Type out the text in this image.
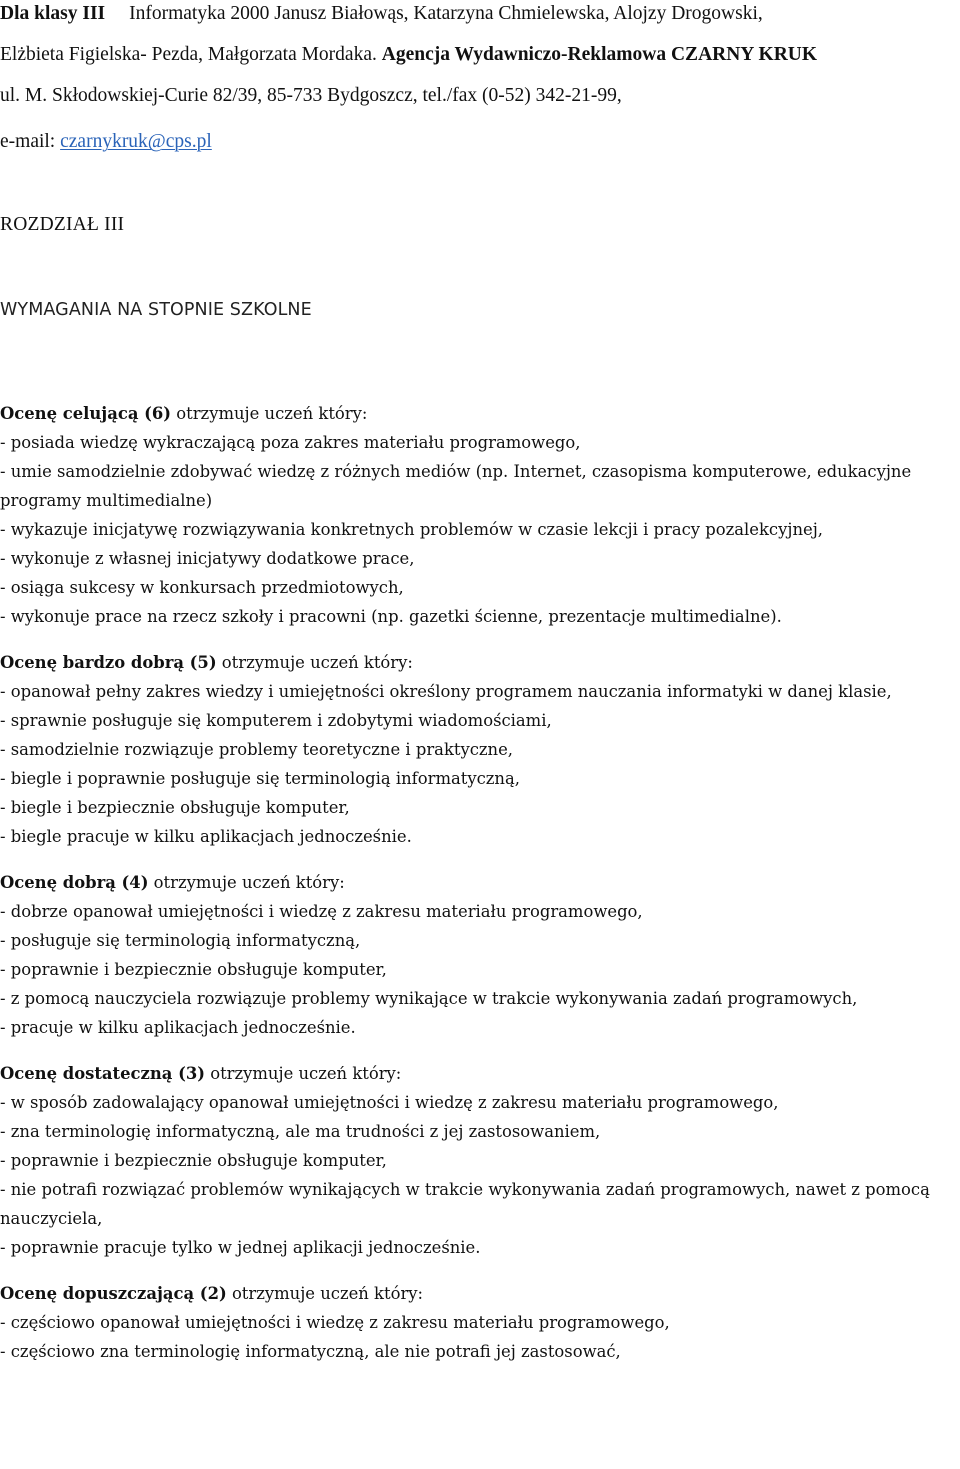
Dla klasy III Informatyka 2000 Janusz Białowąs, Katarzyna Chmielewska, Alojzy Drogowski,
Elżbieta Figielska- Pezda, Małgorzata Mordaka. Agencja Wydawniczo-Reklamowa CZARNY KRUK
ul. M. Skłodowskiej-Curie 82/39, 85-733 Bydgoszcz, tel./fax (0-52) 342-21-99,
e-mail: czarnykruk@cps.pl
ROZDZIAŁ III
WYMAGANIA NA STOPNIE SZKOLNE
Ocenę celującą (6) otrzymuje uczeń który:
- posiada wiedzę wykraczającą poza zakres materiału programowego,
- umie samodzielnie zdobywać wiedzę z różnych mediów (np. Internet, czasopisma komputerowe, edukacyjne programy multimedialne)
- wykazuje inicjatywę rozwiązywania konkretnych problemów w czasie lekcji i pracy pozalekcyjnej,
- wykonuje z własnej inicjatywy dodatkowe prace,
- osiąga sukcesy w konkursach przedmiotowych,
- wykonuje prace na rzecz szkoły i pracowni (np. gazetki ścienne, prezentacje multimedialne).
Ocenę bardzo dobrą (5) otrzymuje uczeń który:
- opanował pełny zakres wiedzy i umiejętności określony programem nauczania informatyki w danej klasie,
- sprawnie posługuje się komputerem i zdobytymi wiadomościami,
- samodzielnie rozwiązuje problemy teoretyczne i praktyczne,
- biegle i poprawnie posługuje się terminologią informatyczną,
- biegle i bezpiecznie obsługuje komputer,
- biegle pracuje w kilku aplikacjach jednocześnie.
Ocenę dobrą (4) otrzymuje uczeń który:
- dobrze opanował umiejętności i wiedzę z zakresu materiału programowego,
- posługuje się terminologią informatyczną,
- poprawnie i bezpiecznie obsługuje komputer,
- z pomocą nauczyciela rozwiązuje problemy wynikające w trakcie wykonywania zadań programowych,
- pracuje w kilku aplikacjach jednocześnie.
Ocenę dostateczną (3) otrzymuje uczeń który:
- w sposób zadowalający opanował umiejętności i wiedzę z zakresu materiału programowego,
- zna terminologię informatyczną, ale ma trudności z jej zastosowaniem,
- poprawnie i bezpiecznie obsługuje komputer,
- nie potrafi rozwiązać problemów wynikających w trakcie wykonywania zadań programowych, nawet z pomocą nauczyciela,
- poprawnie pracuje tylko w jednej aplikacji jednocześnie.
Ocenę dopuszczającą (2) otrzymuje uczeń który:
- częściowo opanował umiejętności i wiedzę z zakresu materiału programowego,
- częściowo zna terminologię informatyczną, ale nie potrafi jej zastosować,
